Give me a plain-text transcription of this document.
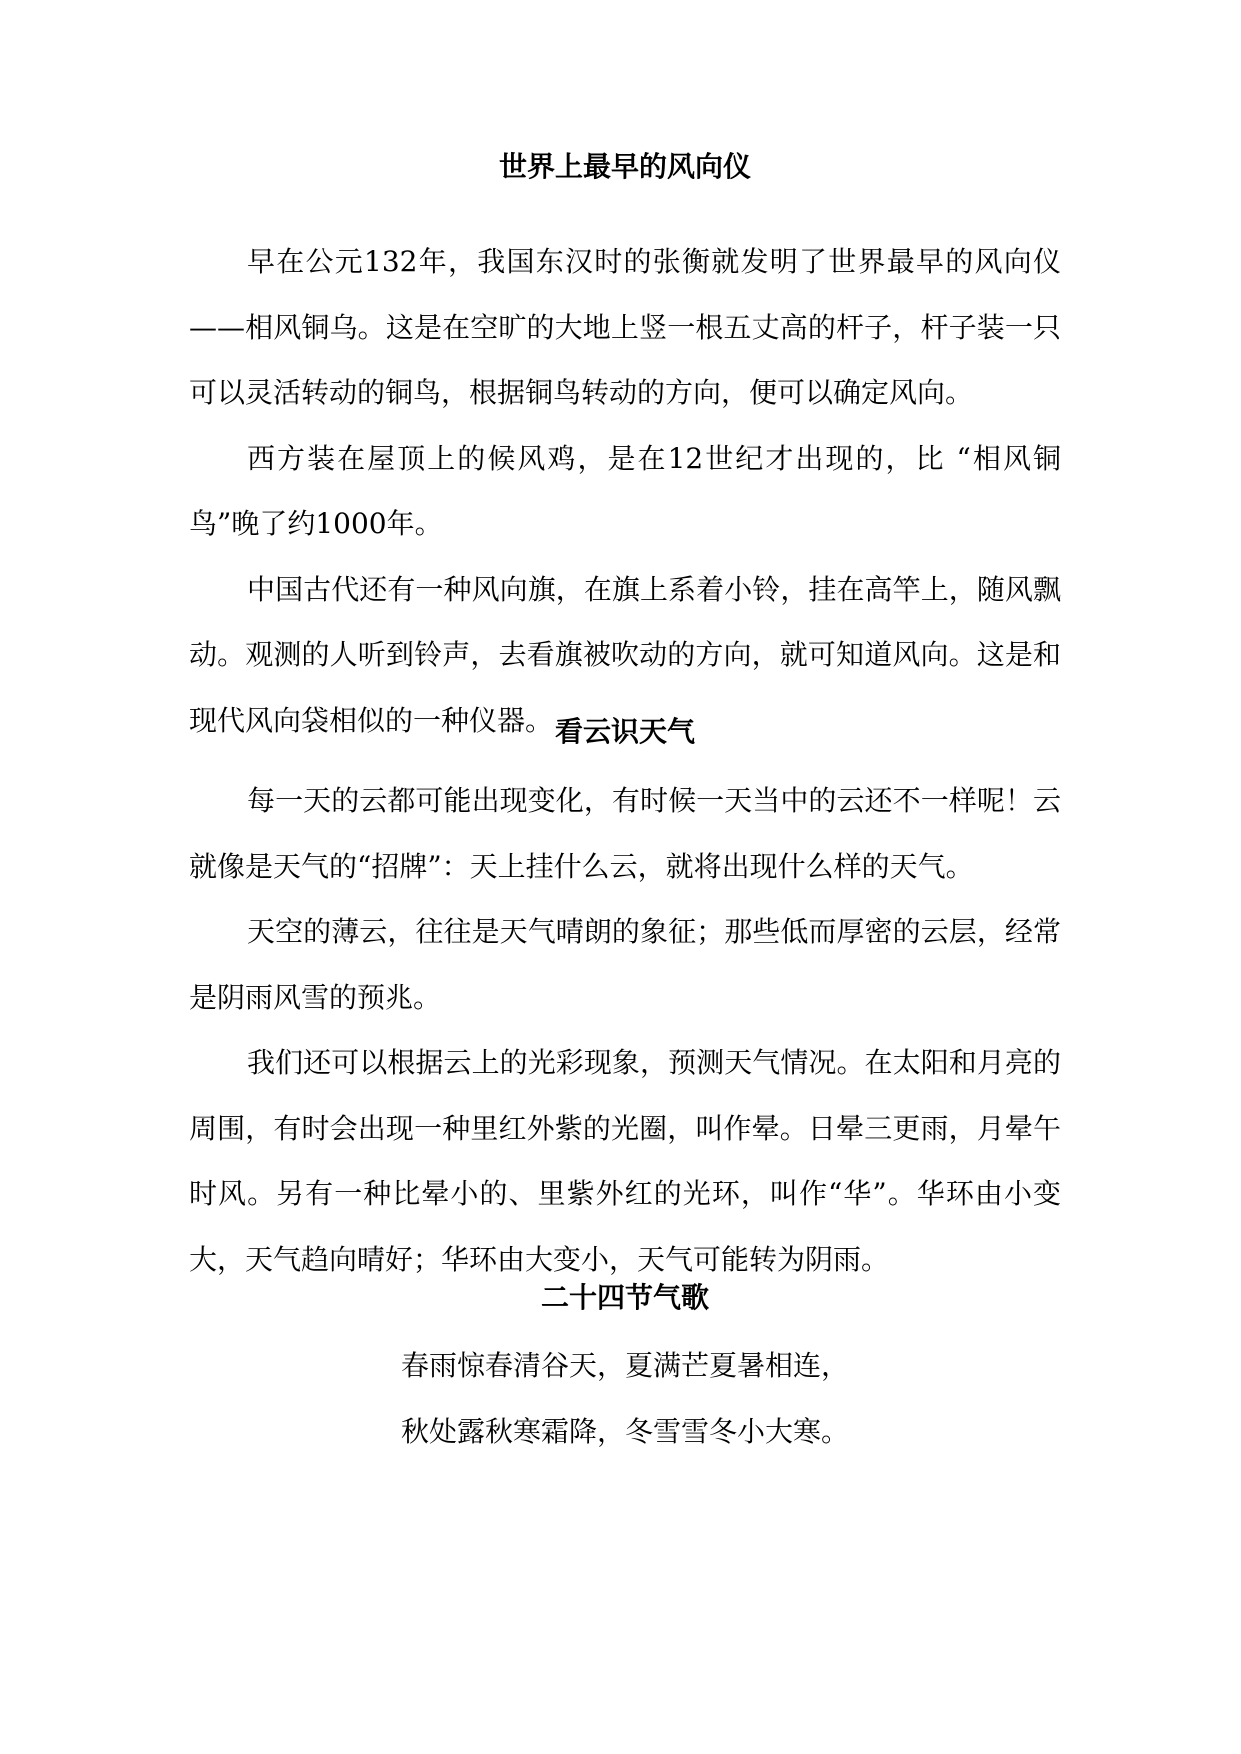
世界上最早的风向仪

早在公元132年，我国东汉时的张衡就发明了世界最早的风向仪——相风铜乌。这是在空旷的大地上竖一根五丈高的杆子，杆子装一只可以灵活转动的铜鸟，根据铜鸟转动的方向，便可以确定风向。

西方装在屋顶上的候风鸡，是在12世纪才出现的，比 “相风铜鸟”晚了约1000年。

中国古代还有一种风向旗，在旗上系着小铃，挂在高竿上，随风飘动。观测的人听到铃声，去看旗被吹动的方向，就可知道风向。这是和现代风向袋相似的一种仪器。 看云识天气

每一天的云都可能出现变化，有时候一天当中的云还不一样呢！云就像是天气的“招牌”：天上挂什么云，就将出现什么样的天气。

天空的薄云，往往是天气晴朗的象征；那些低而厚密的云层，经常是阴雨风雪的预兆。

我们还可以根据云上的光彩现象，预测天气情况。在太阳和月亮的周围，有时会出现一种里红外紫的光圈，叫作晕。日晕三更雨，月晕午时风。另有一种比晕小的、里紫外红的光环，叫作“华”。华环由小变大，天气趋向晴好；华环由大变小，天气可能转为阴雨。

二十四节气歌

春雨惊春清谷天，夏满芒夏暑相连，

秋处露秋寒霜降，冬雪雪冬小大寒。
